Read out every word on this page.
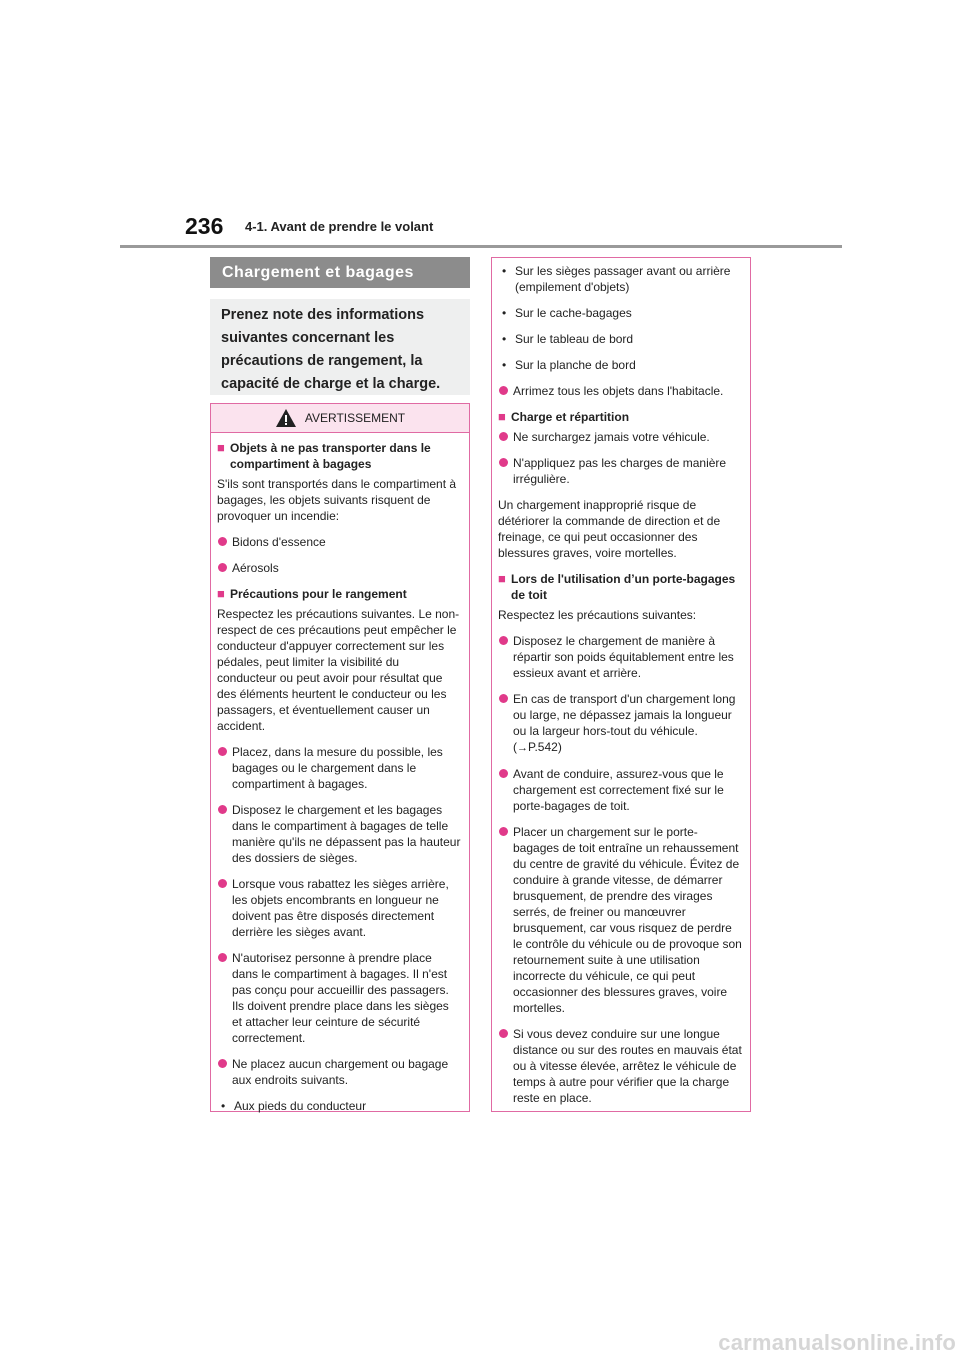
236 4-1. Avant de prendre le volant
Chargement et bagages
Prenez note des informations suivantes concernant les précautions de rangement, la capacité de charge et la charge.
AVERTISSEMENT
■ Objets à ne pas transporter dans le compartiment à bagages

S'ils sont transportés dans le compartiment à bagages, les objets suivants risquent de provoquer un incendie:

Bidons d'essence
Aérosols
■ Précautions pour le rangement

Respectez les précautions suivantes. Le non-respect de ces précautions peut empêcher le conducteur d'appuyer correctement sur les pédales, peut limiter la visibilité du conducteur ou peut avoir pour résultat que des éléments heurtent le conducteur ou les passagers, et éventuellement causer un accident.

Placez, dans la mesure du possible, les bagages ou le chargement dans le compartiment à bagages.
Disposez le chargement et les bagages dans le compartiment à bagages de telle manière qu'ils ne dépassent pas la hauteur des dossiers de sièges.
Lorsque vous rabattez les sièges arrière, les objets encombrants en longueur ne doivent pas être disposés directement derrière les sièges avant.
N'autorisez personne à prendre place dans le compartiment à bagages. Il n'est pas conçu pour accueillir des passagers. Ils doivent prendre place dans les sièges et attacher leur ceinture de sécurité correctement.
Ne placez aucun chargement ou bagage aux endroits suivants.
• Aux pieds du conducteur
• Sur les sièges passager avant ou arrière (empilement d'objets)
• Sur le cache-bagages
• Sur le tableau de bord
• Sur la planche de bord
Arrimez tous les objets dans l'habitacle.
■ Charge et répartition
Ne surchargez jamais votre véhicule.
N'appliquez pas les charges de manière irrégulière.

Un chargement inapproprié risque de détériorer la commande de direction et de freinage, ce qui peut occasionner des blessures graves, voire mortelles.

■ Lors de l'utilisation d’un porte-bagages de toit

Respectez les précautions suivantes:

Disposez le chargement de manière à répartir son poids équitablement entre les essieux avant et arrière.
En cas de transport d'un chargement long ou large, ne dépassez jamais la longueur ou la largeur hors-tout du véhicule. (→P.542)
Avant de conduire, assurez-vous que le chargement est correctement fixé sur le porte-bagages de toit.
Placer un chargement sur le porte-bagages de toit entraîne un rehaussement du centre de gravité du véhicule. Évitez de conduire à grande vitesse, de démarrer brusquement, de prendre des virages serrés, de freiner ou manœuvrer brusquement, car vous risquez de perdre le contrôle du véhicule ou de provoque son retournement suite à une utilisation incorrecte du véhicule, ce qui peut occasionner des blessures graves, voire mortelles.
Si vous devez conduire sur une longue distance ou sur des routes en mauvais état ou à vitesse élevée, arrêtez le véhicule de temps à autre pour vérifier que la charge reste en place.
carmanualsonline.info
